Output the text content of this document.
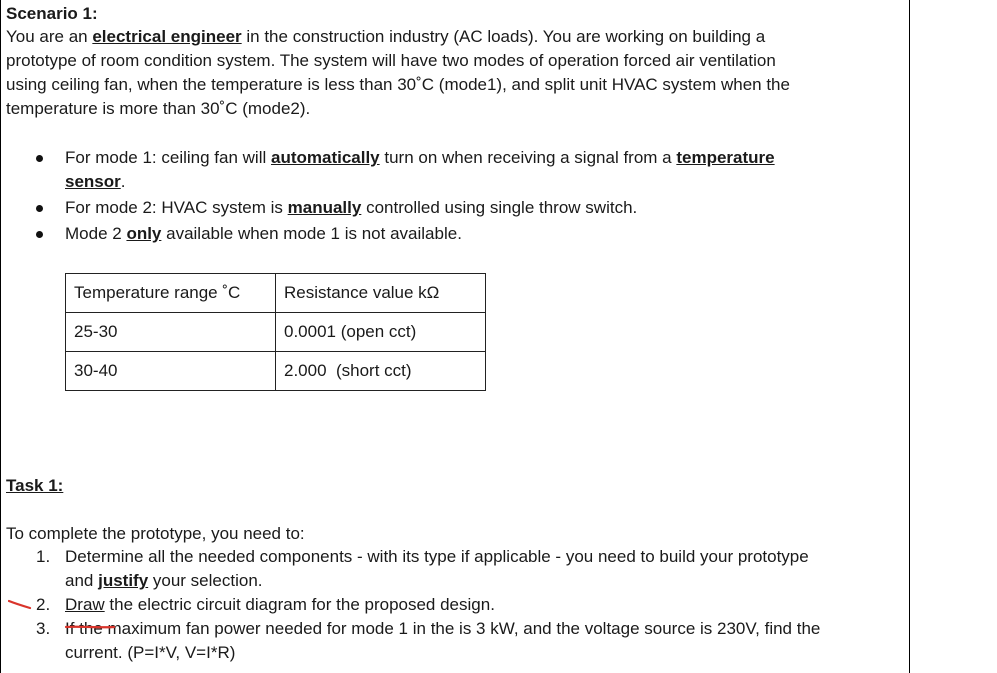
Scenario 1:

You are an electrical engineer in the construction industry (AC loads). You are working on building a

prototype of room condition system. The system will have two modes of operation forced air ventilation

using ceiling fan, when the temperature is less than 30˚C (mode1), and split unit HVAC system when the

temperature is more than 30˚C (mode2).

For mode 1: ceiling fan will automatically turn on when receiving a signal from a temperature
sensor.
For mode 2: HVAC system is manually controlled using single throw switch.
Mode 2 only available when mode 1 is not available.
Temperature range ˚C	Resistance value kΩ
25-30	0.0001 (open cct)
30-40	2.000  (short cct)
Task 1:
To complete the prototype, you need to:
1. Determine all the needed components - with its type if applicable - you need to build your prototype
and justify your selection.
2. Draw the electric circuit diagram for the proposed design.
3. If the maximum fan power needed for mode 1 in the is 3 kW, and the voltage source is 230V, find the
current. (P=I*V, V=I*R)
